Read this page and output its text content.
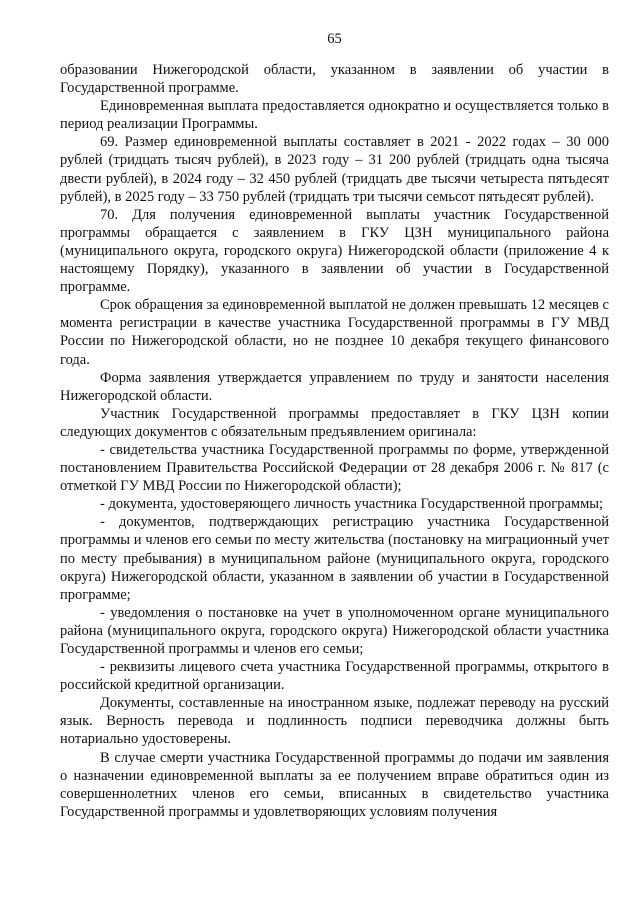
65

образовании Нижегородской области, указанном в заявлении об участии в Государственной программе.

Единовременная выплата предоставляется однократно и осуществляется только в период реализации Программы.

69. Размер единовременной выплаты составляет в 2021 - 2022 годах – 30 000 рублей (тридцать тысяч рублей), в 2023 году – 31 200 рублей (тридцать одна тысяча двести рублей), в 2024 году – 32 450 рублей (тридцать две тысячи четыреста пятьдесят рублей), в 2025 году – 33 750 рублей (тридцать три тысячи семьсот пятьдесят рублей).

70. Для получения единовременной выплаты участник Государственной программы обращается с заявлением в ГКУ ЦЗН муниципального района (муниципального округа, городского округа) Нижегородской области (приложение 4 к настоящему Порядку), указанного в заявлении об участии в Государственной программе.

Срок обращения за единовременной выплатой не должен превышать 12 месяцев с момента регистрации в качестве участника Государственной программы в ГУ МВД России по Нижегородской области, но не позднее 10 декабря текущего финансового года.

Форма заявления утверждается управлением по труду и занятости населения Нижегородской области.

Участник Государственной программы предоставляет в ГКУ ЦЗН копии следующих документов с обязательным предъявлением оригинала:

- свидетельства участника Государственной программы по форме, утвержденной постановлением Правительства Российской Федерации от 28 декабря 2006 г. № 817 (с отметкой ГУ МВД России по Нижегородской области);

- документа, удостоверяющего личность участника Государственной программы;

- документов, подтверждающих регистрацию участника Государственной программы и членов его семьи по месту жительства (постановку на миграционный учет по месту пребывания) в муниципальном районе (муниципального округа, городского округа) Нижегородской области, указанном в заявлении об участии в Государственной программе;

- уведомления о постановке на учет в уполномоченном органе муниципального района (муниципального округа, городского округа) Нижегородской области участника Государственной программы и членов его семьи;

- реквизиты лицевого счета участника Государственной программы, открытого в российской кредитной организации.

Документы, составленные на иностранном языке, подлежат переводу на русский язык. Верность перевода и подлинность подписи переводчика должны быть нотариально удостоверены.

В случае смерти участника Государственной программы до подачи им заявления о назначении единовременной выплаты за ее получением вправе обратиться один из совершеннолетних членов его семьи, вписанных в свидетельство участника Государственной программы и удовлетворяющих условиям получения
